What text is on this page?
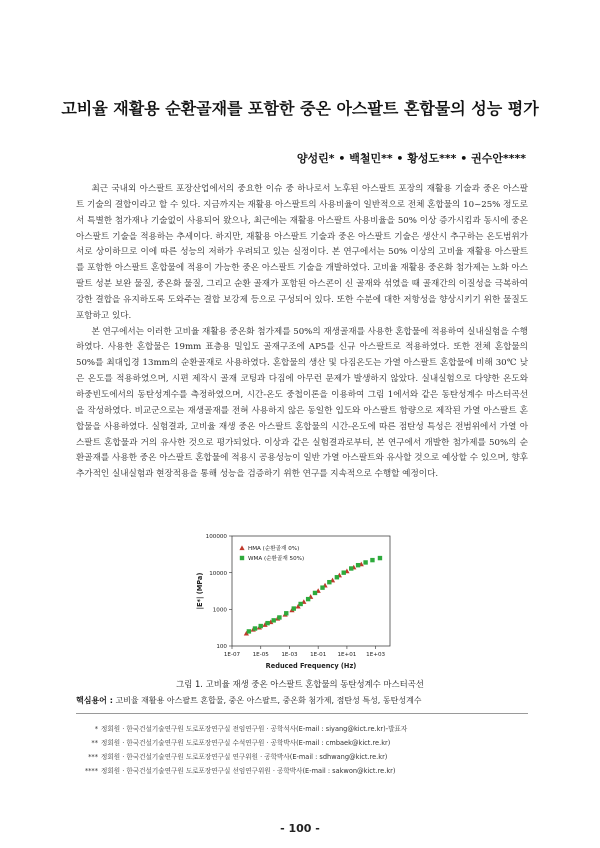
고비율 재활용 순환골재를 포함한 중온 아스팔트 혼합물의 성능 평가
양성린* • 백철민** • 황성도*** • 권수안****

최근 국내외 아스팔트 포장산업에서의 중요한 이슈 중 하나로서 노후된 아스팔트 포장의 재활용 기술과 중온 아스팔트 기술의 결합이라고 할 수 있다. 지금까지는 재활용 아스팔트의 사용비율이 일반적으로 전체 혼합물의 10~25% 정도로서 특별한 첨가재나 기술없이 사용되어 왔으나, 최근에는 재활용 아스팔트 사용비율을 50% 이상 증가시킴과 동시에 중온 아스팔트 기술을 적용하는 추세이다. 하지만, 재활용 아스팔트 기술과 중온 아스팔트 기술은 생산시 추구하는 온도범위가 서로 상이하므로 이에 따른 성능의 저하가 우려되고 있는 실정이다. 본 연구에서는 50% 이상의 고비율 재활용 아스팔트를 포함한 아스팔트 혼합물에 적용이 가능한 중온 아스팔트 기술을 개발하였다. 고비율 재활용 중온화 첨가제는 노화 아스팔트 성분 보완 물질, 중온화 물질, 그리고 순환 골재가 포함된 아스콘이 신 골재와 섞였을 때 골재간의 이질성을 극복하여 강한 결합을 유지하도록 도와주는 결합 보강제 등으로 구성되어 있다. 또한 수분에 대한 저항성을 향상시키기 위한 물질도 포함하고 있다.

본 연구에서는 이러한 고비율 재활용 중온화 첨가제를 50%의 재생골재를 사용한 혼합물에 적용하여 실내실험을 수행하였다. 사용한 혼합물은 19mm 표층용 밀입도 골재구조에 AP5를 신규 아스팔트로 적용하였다. 또한 전체 혼합물의 50%를 최대입경 13mm의 순환골재로 사용하였다. 혼합물의 생산 및 다짐온도는 가열 아스팔트 혼합물에 비해 30℃ 낮은 온도를 적용하였으며, 시편 제작시 골재 코팅과 다짐에 아무런 문제가 발생하지 않았다. 실내실험으로 다양한 온도와 하중빈도에서의 동탄성계수를 측정하였으며, 시간-온도 중첩이론을 이용하여 그림 1에서와 같은 동탄성계수 마스터곡선을 작성하였다. 비교군으로는 재생골재를 전혀 사용하지 않은 동일한 입도와 아스팔트 함량으로 제작된 가열 아스팔트 혼합물을 사용하였다. 실험결과, 고비율 재생 중온 아스팔트 혼합물의 시간-온도에 따른 점탄성 특성은 전범위에서 가열 아스팔트 혼합물과 거의 유사한 것으로 평가되었다. 이상과 같은 실험결과로부터, 본 연구에서 개발한 첨가제를 50%의 순환골재를 사용한 중온 아스팔트 혼합물에 적용시 공용성능이 일반 가열 아스팔트와 유사할 것으로 예상할 수 있으며, 향후 추가적인 실내실험과 현장적용을 통해 성능을 검증하기 위한 연구를 지속적으로 수행할 예정이다.

100
1000
10000
100000
1E-07 1E-05 1E-03 1E-01 1E+01 1E+03
Reduced Frequency (Hz)
|E*| (MPa)
HMA (순환골재 0%)
WMA (순환골재 50%)
그림 1. 고비율 재생 중온 아스팔트 혼합물의 동탄성계수 마스터곡선
핵심용어 : 고비율 재활용 아스팔트 혼합물, 중온 아스팔트, 중온화 첨가제, 점탄성 특성, 동탄성계수
* 정회원 · 한국건설기술연구원 도로포장연구실 전임연구원 · 공학석사(E-mail : siyang@kict.re.kr)-발표자
** 정회원 · 한국건설기술연구원 도로포장연구실 수석연구원 · 공학박사(E-mail : cmbaek@kict.re.kr)
*** 정회원 · 한국건설기술연구원 도로포장연구실 연구위원 · 공학박사(E-mail : sdhwang@kict.re.kr)
**** 정회원 · 한국건설기술연구원 도로포장연구실 선임연구위원 · 공학박사(E-mail : sakwon@kict.re.kr)
- 100 -
